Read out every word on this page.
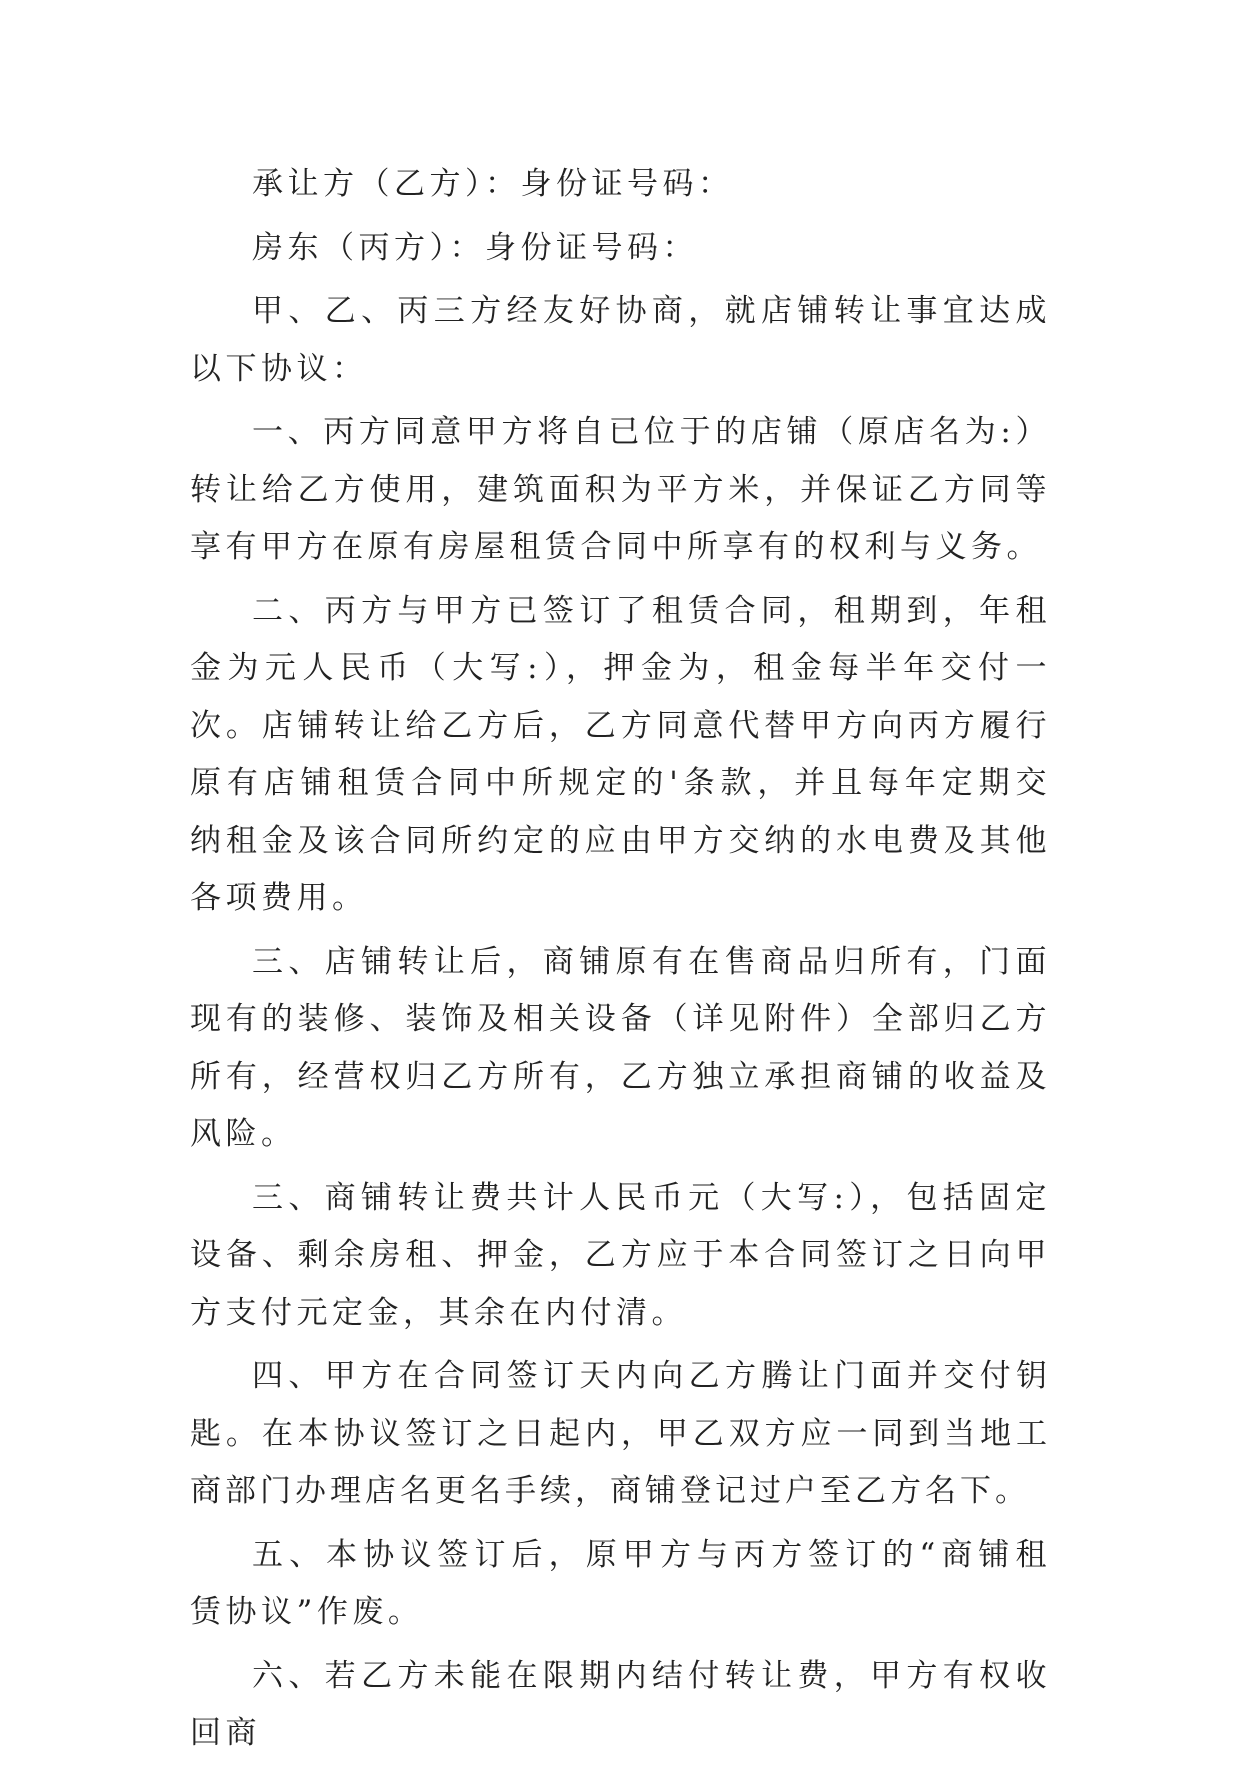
承让方（乙方）：身份证号码：

房东（丙方）：身份证号码：

甲、乙、丙三方经友好协商，就店铺转让事宜达成以下协议：

一、丙方同意甲方将自已位于的店铺（原店名为:）转让给乙方使用，建筑面积为平方米，并保证乙方同等享有甲方在原有房屋租赁合同中所享有的权利与义务。

二、丙方与甲方已签订了租赁合同，租期到，年租金为元人民币（大写:），押金为，租金每半年交付一次。店铺转让给乙方后，乙方同意代替甲方向丙方履行原有店铺租赁合同中所规定的'条款，并且每年定期交纳租金及该合同所约定的应由甲方交纳的水电费及其他各项费用。

三、店铺转让后，商铺原有在售商品归所有，门面现有的装修、装饰及相关设备（详见附件）全部归乙方所有，经营权归乙方所有，乙方独立承担商铺的收益及风险。

三、商铺转让费共计人民币元（大写:），包括固定设备、剩余房租、押金，乙方应于本合同签订之日向甲方支付元定金，其余在内付清。

四、甲方在合同签订天内向乙方腾让门面并交付钥匙。在本协议签订之日起内，甲乙双方应一同到当地工商部门办理店名更名手续，商铺登记过户至乙方名下。

五、本协议签订后，原甲方与丙方签订的“商铺租赁协议”作废。

六、若乙方未能在限期内结付转让费，甲方有权收回商
